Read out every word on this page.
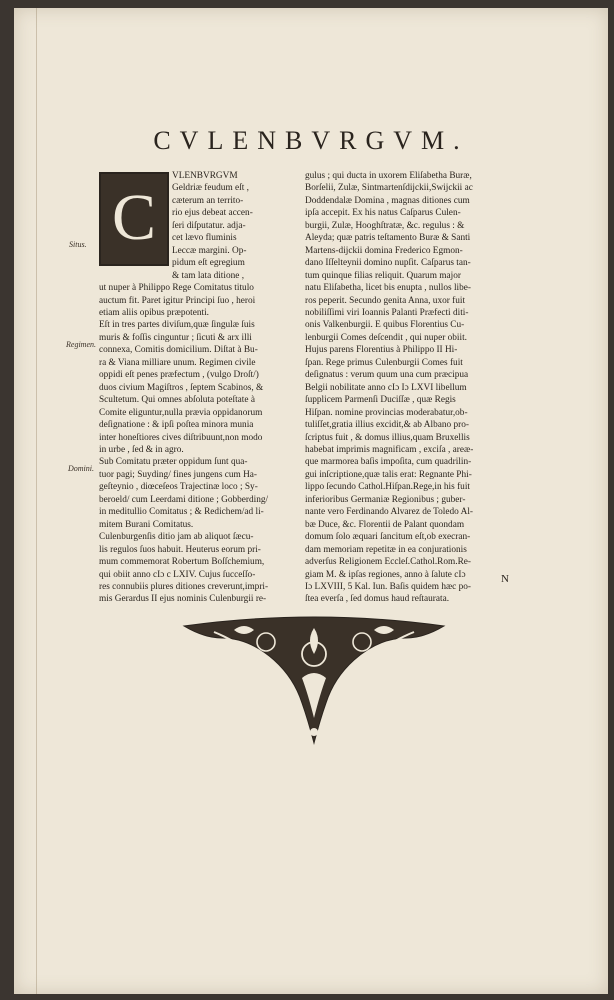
CVLENBVRGVM.
C
Situs.
Regimen.
Domini.

ut nuper à Philippo Rege Comitatus titulo
auctum fit. Paret igitur Principi ſuo , heroi
etiam aliis opibus præpotenti.
Eſt in tres partes diviſum,quæ ſingulæ ſuis
muris & foſſis cinguntur ; ſicuti & arx illi
connexa, Comitis domicilium. Diſtat à Bu-
ra & Viana milliare unum. Regimen civile
oppidi eſt penes præfectum , (vulgo Droſt/)
duos civium Magiſtros , ſeptem Scabinos, &
Scultetum. Qui omnes abſoluta poteſtate à
Comite eliguntur,nulla prævia oppidanorum
deſignatione : & ipſi poſtea minora munia
inter honeſtiores cives diſtribuunt,non modo
in urbe , ſed & in agro.
Sub Comitatu præter oppidum ſunt qua-
tuor pagi; Suyding/ fines jungens cum Ha-
geſteynio , diœceſeos Trajectinæ loco ; Sy-
beroeld/ cum Leerdami ditione ; Gobberding/
in meditullio Comitatus ; & Redichem/ad li-
mitem Burani Comitatus.
Culenburgenſis ditio jam ab aliquot ſæcu-
lis regulos ſuos habuit. Heuterus eorum pri-
mum commemorat Robertum Boſſchemium,
qui obiit anno cIɔ c LXIV. Cujus ſucceſſo-
res connubiis plures ditiones creverunt,impri-
mis Gerardus II ejus nominis Culenburgii re-
VLENBVRGVM
Geldriæ feudum eſt ,
cæterum an territo-
rio ejus debeat accen-
ſeri diſputatur. adja-
cet lævo fluminis
Leccæ margini. Op-
pidum eſt egregium
& tam lata ditione ,
gulus ; qui ducta in uxorem Eliſabetha Buræ,
Borſelii, Zulæ, Sintmartenſdijckii,Swijckii ac
Doddendalæ Domina , magnas ditiones cum
ipſa accepit. Ex his natus Caſparus Culen-
burgii, Zulæ, Hooghſtratæ, &c. regulus : &
Aleyda; quæ patris teſtamento Buræ & Santi
Martens-dijckii domina Frederico Egmon-
dano Iſſelteynii domino nupſit. Caſparus tan-
tum quinque filias reliquit. Quarum major
natu Eliſabetha, licet bis enupta , nullos libe-
ros peperit. Secundo genita Anna, uxor fuit
nobiliſſimi viri Ioannis Palanti Præfecti diti-
onis Valkenburgii. E quibus Florentius Cu-
lenburgii Comes deſcendit , qui nuper obiit.
Hujus parens Florentius à Philippo II Hi-
ſpan. Rege primus Culenburgii Comes fuit
deſignatus : verum quum una cum præcipua
Belgii nobilitate anno cIɔ Iɔ LXVI libellum
ſupplicem Parmenſi Duciſſæ , quæ Regis
Hiſpan. nomine provincias moderabatur,ob-
tuliſſet,gratia illius excidit,& ab Albano pro-
ſcriptus fuit , & domus illius,quam Bruxellis
habebat imprimis magnificam , exciſa , areæ-
que marmorea baſis impoſita, cum quadrilin-
gui inſcriptione,quæ talis erat: Regnante Phi-
lippo ſecundo Cathol.Hiſpan.Rege,in his fuit
inferioribus Germaniæ Regionibus ; guber-
nante vero Ferdinando Alvarez de Toledo Al-
bæ Duce, &c. Florentii de Palant quondam
domum ſolo æquari ſancitum eſt,ob execran-
dam memoriam repetitæ in ea conjurationis
adverſus Religionem Eccleſ.Cathol.Rom.Re-
giam M. & ipſas regiones, anno à ſalute cIɔ
Iɔ LXVIII, 5 Kal. Iun. Baſis quidem hæc po-
ſtea everſa , ſed domus haud reſtaurata.
N
